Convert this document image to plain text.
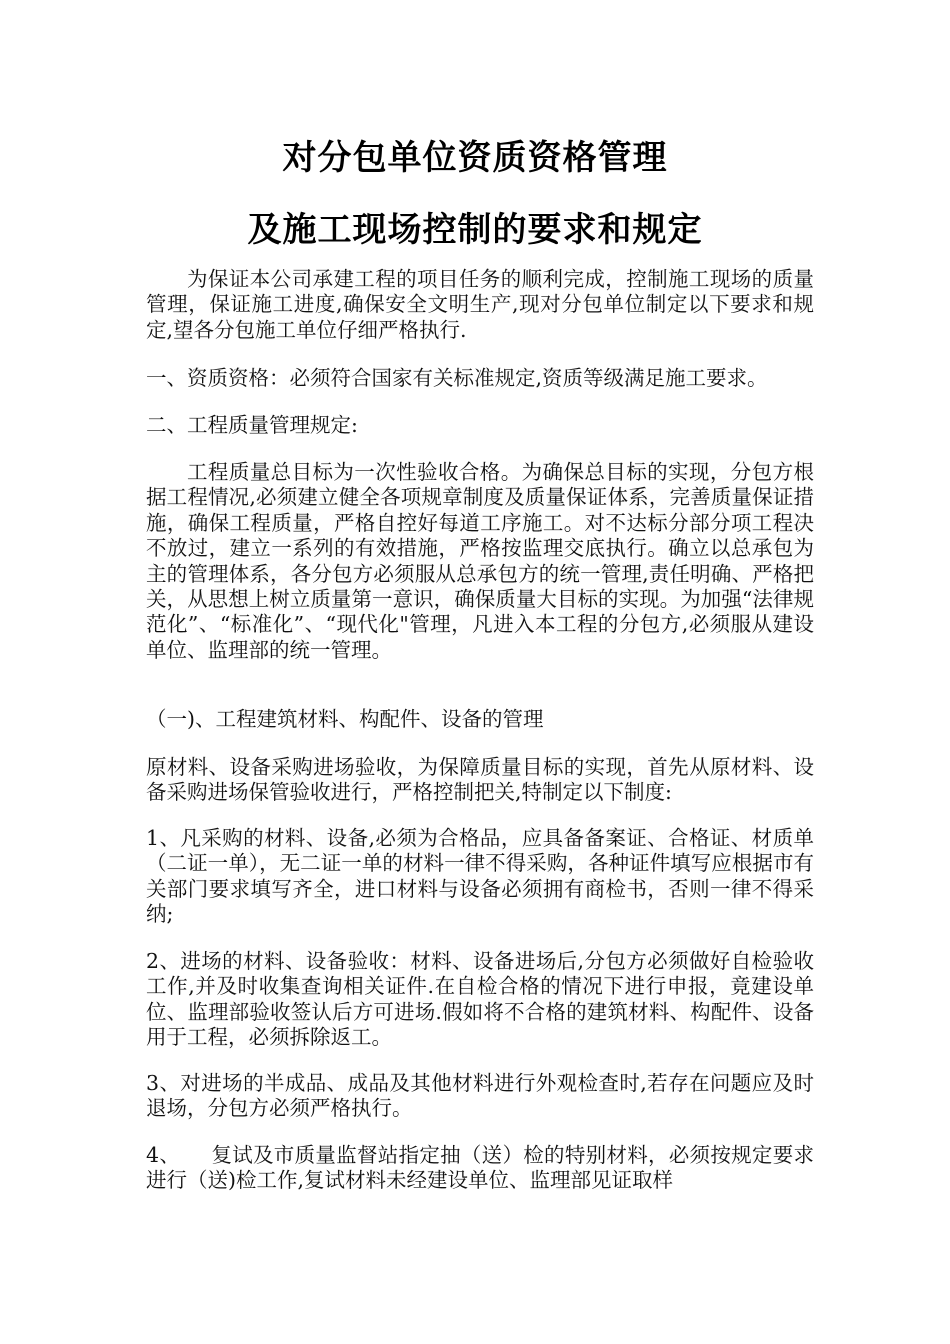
对分包单位资质资格管理
及施工现场控制的要求和规定

为保证本公司承建工程的项目任务的顺利完成，控制施工现场的质量管理，保证施工进度,确保安全文明生产,现对分包单位制定以下要求和规定,望各分包施工单位仔细严格执行.

一、资质资格：必须符合国家有关标准规定,资质等级满足施工要求。

二、工程质量管理规定:

工程质量总目标为一次性验收合格。为确保总目标的实现，分包方根据工程情况,必须建立健全各项规章制度及质量保证体系，完善质量保证措施，确保工程质量，严格自控好每道工序施工。对不达标分部分项工程决不放过，建立一系列的有效措施，严格按监理交底执行。确立以总承包为主的管理体系，各分包方必须服从总承包方的统一管理,责任明确、严格把关，从思想上树立质量第一意识，确保质量大目标的实现。为加强“法律规范化”、“标准化”、“现代化"管理，凡进入本工程的分包方,必须服从建设单位、监理部的统一管理。

（一)、工程建筑材料、构配件、设备的管理

原材料、设备采购进场验收，为保障质量目标的实现，首先从原材料、设备采购进场保管验收进行，严格控制把关,特制定以下制度:

1、凡采购的材料、设备,必须为合格品，应具备备案证、合格证、材质单（二证一单），无二证一单的材料一律不得采购，各种证件填写应根据市有关部门要求填写齐全，进口材料与设备必须拥有商检书，否则一律不得采纳;

2、进场的材料、设备验收：材料、设备进场后,分包方必须做好自检验收工作,并及时收集查询相关证件.在自检合格的情况下进行申报，竟建设单位、监理部验收签认后方可进场.假如将不合格的建筑材料、构配件、设备用于工程，必须拆除返工。

3、对进场的半成品、成品及其他材料进行外观检查时,若存在问题应及时退场，分包方必须严格执行。

4、　　复试及市质量监督站指定抽（送）检的特别材料，必须按规定要求进行（送)检工作,复试材料未经建设单位、监理部见证取样
